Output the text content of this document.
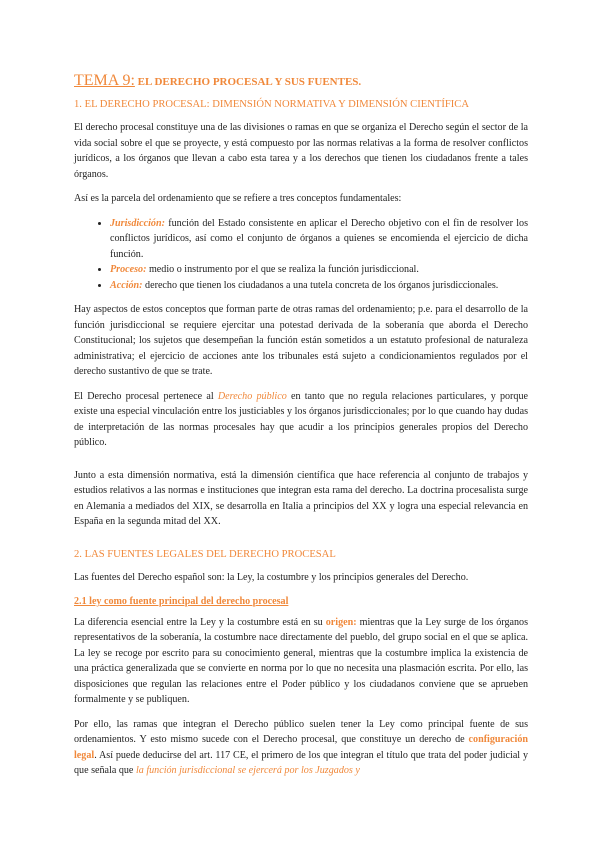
TEMA 9: EL DERECHO PROCESAL Y SUS FUENTES.
1. EL DERECHO PROCESAL: DIMENSIÓN NORMATIVA Y DIMENSIÓN CIENTÍFICA

El derecho procesal constituye una de las divisiones o ramas en que se organiza el Derecho según el sector de la vida social sobre el que se proyecte, y está compuesto por las normas relativas a la forma de resolver conflictos jurídicos, a los órganos que llevan a cabo esta tarea y a los derechos que tienen los ciudadanos frente a tales órganos.

Así es la parcela del ordenamiento que se refiere a tres conceptos fundamentales:

• Jurisdicción: función del Estado consistente en aplicar el Derecho objetivo con el fin de resolver los conflictos jurídicos, así como el conjunto de órganos a quienes se encomienda el ejercicio de dicha función.
• Proceso: medio o instrumento por el que se realiza la función jurisdiccional.
• Acción: derecho que tienen los ciudadanos a una tutela concreta de los órganos jurisdiccionales.

Hay aspectos de estos conceptos que forman parte de otras ramas del ordenamiento; p.e. para el desarrollo de la función jurisdiccional se requiere ejercitar una potestad derivada de la soberanía que aborda el Derecho Constitucional; los sujetos que desempeñan la función están sometidos a un estatuto profesional de naturaleza administrativa; el ejercicio de acciones ante los tribunales está sujeto a condicionamientos regulados por el derecho sustantivo de que se trate.

El Derecho procesal pertenece al Derecho público en tanto que no regula relaciones particulares, y porque existe una especial vinculación entre los justiciables y los órganos jurisdiccionales; por lo que cuando hay dudas de interpretación de las normas procesales hay que acudir a los principios generales propios del Derecho público.

Junto a esta dimensión normativa, está la dimensión científica que hace referencia al conjunto de trabajos y estudios relativos a las normas e instituciones que integran esta rama del derecho. La doctrina procesalista surge en Alemania a mediados del XIX, se desarrolla en Italia a principios del XX y logra una especial relevancia en España en la segunda mitad del XX.

2. LAS FUENTES LEGALES DEL DERECHO PROCESAL

Las fuentes del Derecho español son: la Ley, la costumbre y los principios generales del Derecho.

2.1 ley como fuente principal del derecho procesal

La diferencia esencial entre la Ley y la costumbre está en su origen: mientras que la Ley surge de los órganos representativos de la soberanía, la costumbre nace directamente del pueblo, del grupo social en el que se aplica. La ley se recoge por escrito para su conocimiento general, mientras que la costumbre implica la existencia de una práctica generalizada que se convierte en norma por lo que no necesita una plasmación escrita. Por ello, las disposiciones que regulan las relaciones entre el Poder público y los ciudadanos conviene que se aprueben formalmente y se publiquen.

Por ello, las ramas que integran el Derecho público suelen tener la Ley como principal fuente de sus ordenamientos. Y esto mismo sucede con el Derecho procesal, que constituye un derecho de configuración legal. Así puede deducirse del art. 117 CE, el primero de los que integran el título que trata del poder judicial y que señala que la función jurisdiccional se ejercerá por los Juzgados y
